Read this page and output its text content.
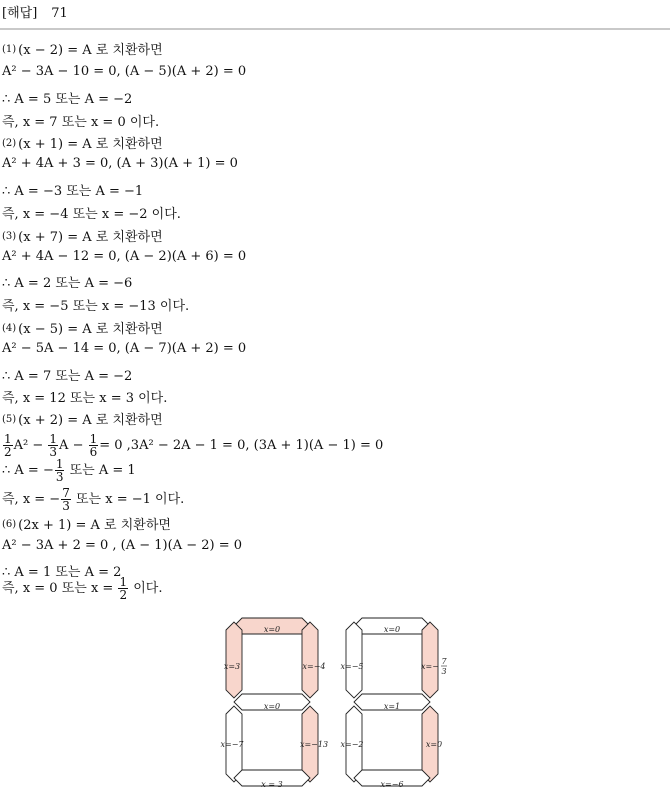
[해답] 71
(1) (x − 2) = A 로 치환하면
A² − 3A − 10 = 0, (A − 5)(A + 2) = 0
∴ A = 5 또는 A = −2
즉, x = 7 또는 x = 0 이다.
(2) (x + 1) = A 로 치환하면
A² + 4A + 3 = 0, (A + 3)(A + 1) = 0
∴ A = −3 또는 A = −1
즉, x = −4 또는 x = −2 이다.
(3) (x + 7) = A 로 치환하면
A² + 4A − 12 = 0, (A − 2)(A + 6) = 0
∴ A = 2 또는 A = −6
즉, x = −5 또는 x = −13 이다.
(4) (x − 5) = A 로 치환하면
A² − 5A − 14 = 0, (A − 7)(A + 2) = 0
∴ A = 7 또는 A = −2
즉, x = 12 또는 x = 3 이다.
(5) (x + 2) = A 로 치환하면
$\frac{1}{2} A^2 - \frac{1}{3}$ $A - \frac{1}{6} = 0$ ,3A² − 2A − 1 = 0, (3A + 1)(A − 1) = 0
∴ A = − $\frac{1}{3}$ 또는 A = 1
즉, x = − $\frac{7}{3}$ 또는 x = −1 이다.
(6) (2x + 1) = A 로 치환하면
A² − 3A + 2 = 0 , (A − 1)(A − 2) = 0
∴ A = 1 또는 A = 2
즉, x = 0 또는 $x = \frac{1}{2}$ 이다.
x=0
x=3	x=−4
x=0
x=−7	x=−13
x = 3
x=0
x=−5	x=−
7
3
x=1
x=−2	x=0
x=−6
